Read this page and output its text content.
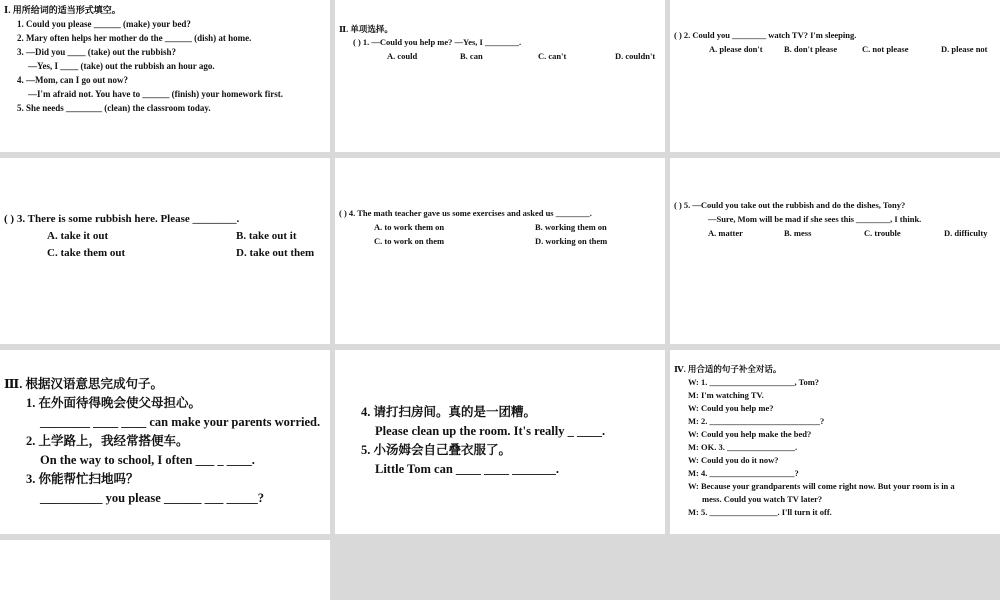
Ⅰ. 用所给词的适当形式填空。
1. Could you please ______ (make) your bed?
2. Mary often helps her mother do the ______ (dish) at home.
3. —Did you ____ (take) out the rubbish?
—Yes, I ____ (take) out the rubbish an hour ago.
4. —Mom, can I go out now?
—I'm afraid not. You have to ______ (finish) your homework first.
5. She needs ________ (clean) the classroom today.
Ⅱ. 单项选择。
( ) 1. —Could you help me? —Yes, I ________.
A. could	B. can	C. can't	D. couldn't
( ) 2. Could you ________ watch TV? I'm sleeping.
A. please don't	B. don't please	C. not please	D. please not
( ) 3. There is some rubbish here. Please ________.
A. take it out	B. take out it
C. take them out	D. take out them
( ) 4. The math teacher gave us some exercises and asked us ________.
A. to work them on	B. working them on
C. to work on them	D. working on them
( ) 5. —Could you take out the rubbish and do the dishes, Tony?
—Sure, Mom will be mad if she sees this ________, I think.
A. matter	B. mess	C. trouble	D. difficulty
Ⅲ. 根据汉语意思完成句子。
1. 在外面待得晚会使父母担心。
________ ____ ____ can make your parents worried.
2. 上学路上，我经常搭便车。
On the way to school, I often ___ _ ____.
3. 你能帮忙扫地吗？
__________ you please ______ ___ _____?
4. 请打扫房间。真的是一团糟。
Please clean up the room. It's really _ ____.
5. 小汤姆会自己叠衣服了。
Little Tom can ____ ____ _______.
Ⅳ. 用合适的句子补全对话。
W: 1. ____________________, Tom?
M: I'm watching TV.
W: Could you help me?
M: 2. __________________________?
W: Could you help make the bed?
M: OK. 3. ________________.
W: Could you do it now?
M: 4. ____________________?
W: Because your grandparents will come right now. But your room is in a
mess. Could you watch TV later?
M: 5. ________________. I'll turn it off.
